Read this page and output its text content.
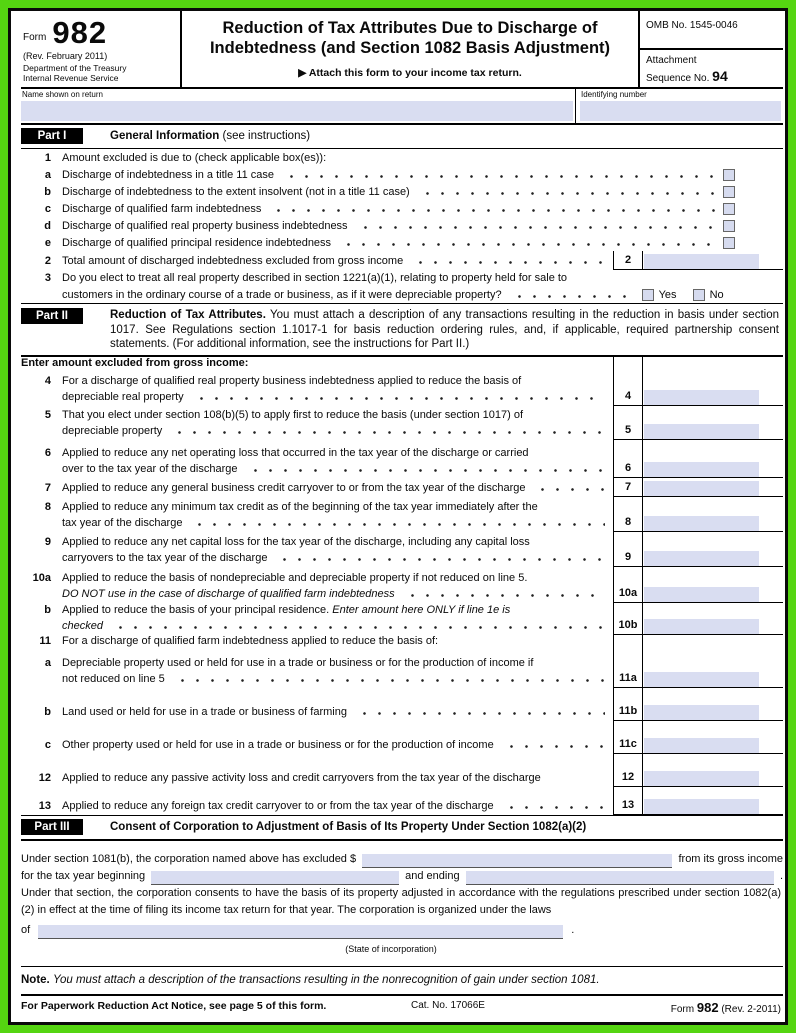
Form 982
(Rev. February 2011)
Department of the Treasury
Internal Revenue Service
Reduction of Tax Attributes Due to Discharge of
Indebtedness (and Section 1082 Basis Adjustment)
▶ Attach this form to your income tax return.
OMB No. 1545-0046
Attachment
Sequence No. 94
Name shown on return	Identifying number
Part I	General Information (see instructions)
1 Amount excluded is due to (check applicable box(es)):
a Discharge of indebtedness in a title 11 case
b Discharge of indebtedness to the extent insolvent (not in a title 11 case)
c Discharge of qualified farm indebtedness
d Discharge of qualified real property business indebtedness
e Discharge of qualified principal residence indebtedness
2 Total amount of discharged indebtedness excluded from gross income	2
3 Do you elect to treat all real property described in section 1221(a)(1), relating to property held for sale to
customers in the ordinary course of a trade or business, as if it were depreciable property?	Yes	No
Part II	Reduction of Tax Attributes. You must attach a description of any transactions resulting in the reduction in basis under section 1017. See Regulations section 1.1017-1 for basis reduction ordering rules, and, if applicable, required partnership consent statements. (For additional information, see the instructions for Part II.)
Enter amount excluded from gross income:
4 For a discharge of qualified real property business indebtedness applied to reduce the basis of
depreciable real property	4
5 That you elect under section 108(b)(5) to apply first to reduce the basis (under section 1017) of
depreciable property	5
6 Applied to reduce any net operating loss that occurred in the tax year of the discharge or carried
over to the tax year of the discharge	6
7 Applied to reduce any general business credit carryover to or from the tax year of the discharge	7
8 Applied to reduce any minimum tax credit as of the beginning of the tax year immediately after the
tax year of the discharge	8
9 Applied to reduce any net capital loss for the tax year of the discharge, including any capital loss
carryovers to the tax year of the discharge	9
10a Applied to reduce the basis of nondepreciable and depreciable property if not reduced on line 5.
DO NOT use in the case of discharge of qualified farm indebtedness	10a
b Applied to reduce the basis of your principal residence.
Enter amount here ONLY if line 1e is
checked	10b
11 For a discharge of qualified farm indebtedness applied to reduce the basis of:
a Depreciable property used or held for use in a trade or business or for the production of income if
not reduced on line 5	11a
b Land used or held for use in a trade or business of farming	11b
c Other property used or held for use in a trade or business or for the production of income	11c
12 Applied to reduce any passive activity loss and credit carryovers from the tax year of the discharge	12
13 Applied to reduce any foreign tax credit carryover to or from the tax year of the discharge	13
Part III	Consent of Corporation to Adjustment of Basis of Its Property Under Section 1082(a)(2)
Under section 1081(b), the corporation named above has excluded $	from its gross income
for the tax year beginning	and ending	.
Under that section, the corporation consents to have the basis of its property adjusted in accordance with the regulations prescribed under section 1082(a)(2) in effect at the time of filing its income tax return for that year. The corporation is organized under the laws
of	.
(State of incorporation)
Note. You must attach a description of the transactions resulting in the nonrecognition of gain under section 1081.
For Paperwork Reduction Act Notice, see page 5 of this form.	Cat. No. 17066E	Form 982 (Rev. 2-2011)
